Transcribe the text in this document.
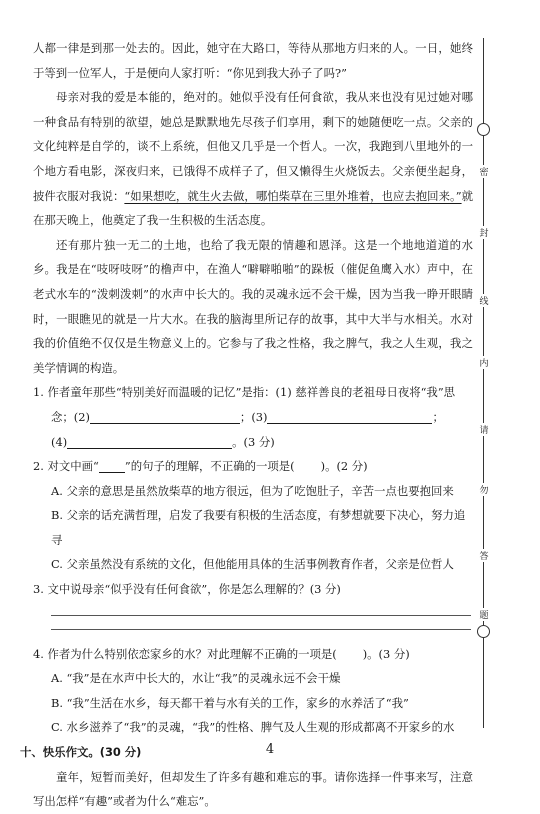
人都一律是到那一处去的。因此，她守在大路口，等待从那地方归来的人。一日，她终于等到一位军人，于是便向人家打听：“你见到我大孙子了吗?”

母亲对我的爱是本能的，绝对的。她似乎没有任何食欲，我从来也没有见过她对哪一种食品有特别的欲望，她总是默默地先尽孩子们享用，剩下的她随便吃一点。父亲的文化纯粹是自学的，谈不上系统，但他又几乎是一个哲人。一次，我跑到八里地外的一个地方看电影，深夜归来，已饿得不成样子了，但又懒得生火烧饭去。父亲便坐起身，披件衣服对我说：“如果想吃，就生火去做，哪怕柴草在三里外堆着，也应去抱回来。”就在那天晚上，他奠定了我一生积极的生活态度。

还有那片独一无二的土地，也给了我无限的情趣和恩泽。这是一个地地道道的水乡。我是在“吱呀吱呀”的橹声中，在渔人“噼噼啪啪”的跺板（催促鱼鹰入水）声中，在老式水车的“泼刺泼刺”的水声中长大的。我的灵魂永远不会干燥，因为当我一睁开眼睛时，一眼瞧见的就是一片大水。在我的脑海里所记存的故事，其中大半与水相关。水对我的价值绝不仅仅是生物意义上的。它参与了我之性格，我之脾气，我之人生观，我之美学情调的构造。

1. 作者童年那些“特别美好而温暖的记忆”是指：(1) 慈祥善良的老祖母日夜将“我”思

念；(2)	；(3)	；

(4)	。(3 分)

2. 对文中画“ ”的句子的理解，不正确的一项是( )。(2 分)

A. 父亲的意思是虽然放柴草的地方很远，但为了吃饱肚子，辛苦一点也要抱回来

B. 父亲的话充满哲理，启发了我要有积极的生活态度，有梦想就要下决心，努力追寻

C. 父亲虽然没有系统的文化，但他能用具体的生活事例教育作者，父亲是位哲人

3. 文中说母亲“似乎没有任何食欲”，你是怎么理解的？(3 分)

4. 作者为什么特别依恋家乡的水？对此理解不正确的一项是( )。(3 分)

A. “我”是在水声中长大的，水让“我”的灵魂永远不会干燥

B. “我”生活在水乡，每天都干着与水有关的工作，家乡的水养活了“我”

C. 水乡滋养了“我”的灵魂，“我”的性格、脾气及人生观的形成都离不开家乡的水

十、快乐作文。(30 分)

童年，短暂而美好，但却发生了许多有趣和难忘的事。请你选择一件事来写，注意写出怎样“有趣”或者为什么“难忘”。

密
封
线
内
请
勿
答
题
4
